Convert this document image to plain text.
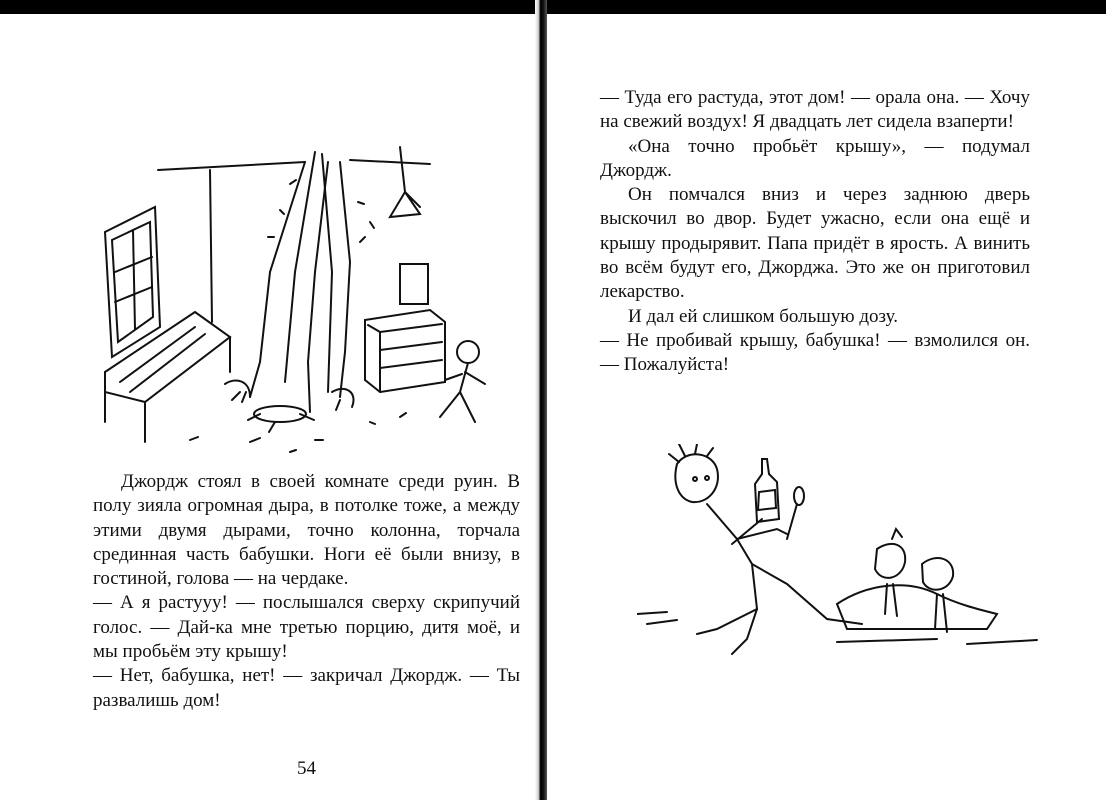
Джордж стоял в своей комнате среди руин. В полу зияла огромная дыра, в потолке тоже, а между этими двумя дырами, точно колонна, торчала срединная часть бабушки. Ноги её были внизу, в гостиной, голова — на чердаке.

— А я растууу! — послышался сверху скрипучий голос. — Дай-ка мне третью порцию, дитя моё, и мы пробьём эту крышу!

— Нет, бабушка, нет! — закричал Джордж. — Ты развалишь дом!

54

— Туда его растуда, этот дом! — орала она. — Хочу на свежий воздух! Я двадцать лет сидела взаперти!

«Она точно пробьёт крышу», — подумал Джордж.

Он помчался вниз и через заднюю дверь выскочил во двор. Будет ужасно, если она ещё и крышу продырявит. Папа придёт в ярость. А винить во всём будут его, Джорджа. Это же он приготовил лекарство.

И дал ей слишком большую дозу.

— Не пробивай крышу, бабушка! — взмолился он. — Пожалуйста!
